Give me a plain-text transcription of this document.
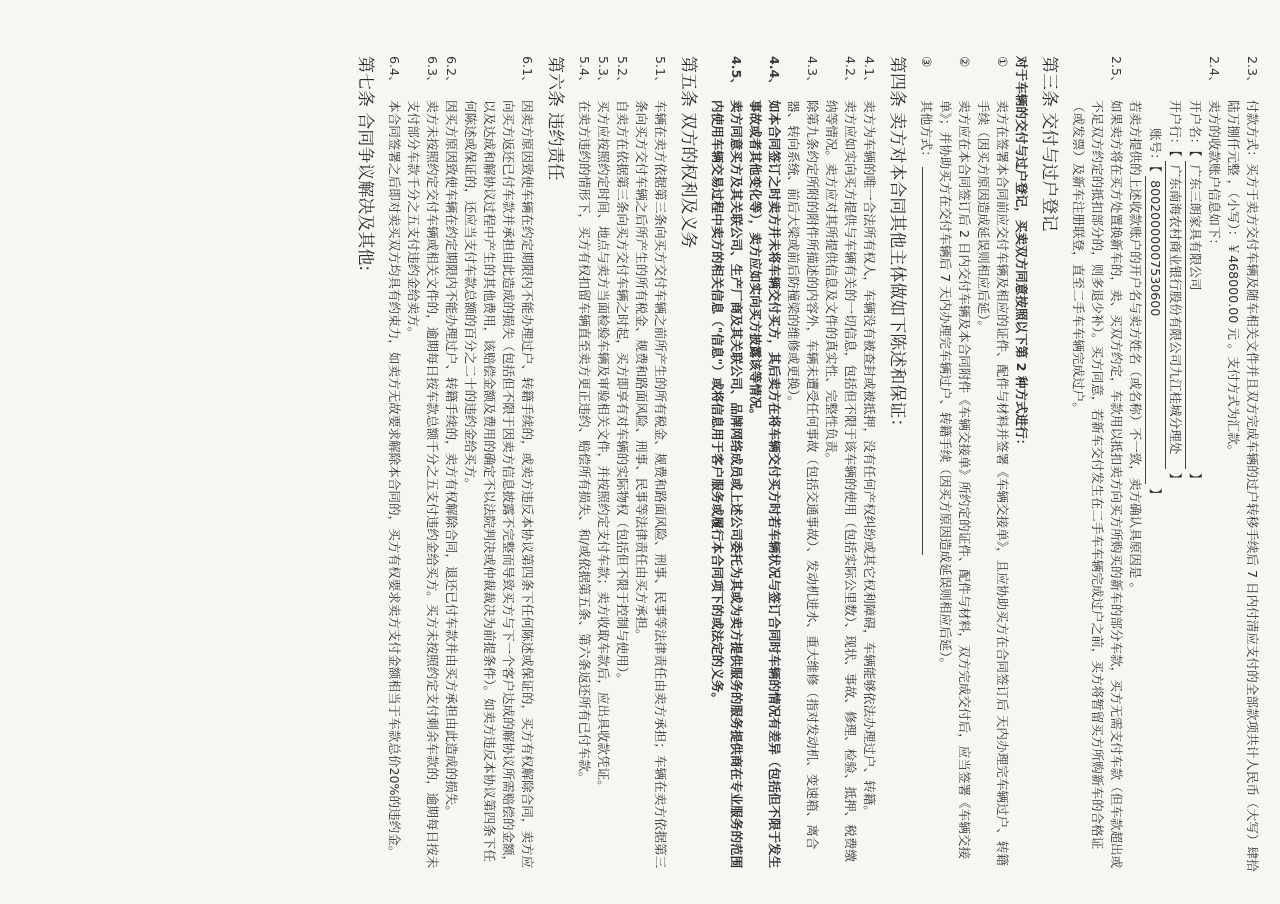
2.3、
付款方式：买方于卖方交付车辆及随车相关文件并且双方完成车辆的过户转移手续后 7 日内付清应支付的全部款项共计人民币（大写）肆拾陆万捌仟元整 ，（小写）：￥468000.00 元 。支付方式为汇款。

2.4、
卖方的收款账户信息如下：
开户名：【 广东三朗家具有限公司 】
开户行：【 广东南海农村商业银行股份有限公司九江桂城分理处 】
账号：【 80020000007530600 】
若卖方提供的上述收款账户的开户名与卖方姓名（或名称）不一致，卖方确认具原因是 。

2.5、
如果卖方将在买方处置换新车的，卖、买双方约定，车款用以抵扣卖方向买方所购买的新车的部分车款，买方无需支付车款（但车款超出或不足双方约定的抵扣部分的，则多退少补）。买方同意，若新车交付发生在二手车车辆完成过户之前，买方将暂留买方所购新车的合格证（或发票）及新车注册联登，直至二手车车辆完成过户。

第三条 交付与过户登记
对于车辆的交付与过户登记，买卖双方同意按照以下第 2 种方式进行：

①
卖方在签署本合同前应交付车辆及相应的证件、配件与材料并签署《车辆交接单》，且应协助买方在合同签订后 天内办理完车辆过户、转籍手续（因买方原因造成延误则相应后延）。

②
卖方应在本合同签订后 2 日内交付车辆及本合同附件《车辆交接单》所约定的证件、配件与材料，双方完成交付后，应当签署《车辆交接单》；并协助买方在交付车辆后 7 天内办理完车辆过户、转籍手续（因买方原因造成延误则相应后延）。

③
其他方式：

第四条 卖方对本合同其他主体做如下陈述和保证：

4.1、
卖方为车辆的唯一合法所有权人，车辆没有被查封或被抵押，没有任何产权纠纷或其它权利障碍，车辆能够依法办理过户、转籍。

4.2、
卖方应如实向买方提供与车辆有关的一切信息，包括但不限于该车辆的使用（包括实际公里数）、现状、事故、修理、检验、抵押、税费缴纳等情况。卖方应对其所提供信息及文件的真实性、完整性负责。

4.3、
除第九条约定所附的附件所描述的内容外，车辆未遭受任何事故（包括交通事故）、发动机进水、重大维修（指对发动机、变速箱、离合器、转向系统、前后大梁或前后防撞梁的维修或更换）。

4.4、
如本合同签订之时卖方并未将车辆交付买方，其后卖方在将车辆交付买方时若车辆状况与签订合同时车辆的情况有差异（包括但不限于发生事故或者其他变化等），卖方应如实向买方披露该等情况。

4.5、
卖方同意买方及其关联公司、生产厂商及其关联公司、品牌网络成员或上述公司委托为其或为卖方提供服务的服务提供商在专业服务的范围内使用车辆交易过程中卖方的相关信息（"信息"）或将信息用于客户服务或履行本合同项下的或法定的义务。

第五条 双方的权利及义务

5.1、
车辆在卖方依据第三条向买方交付车辆之前所产生的所有税金、规费和路面风险、刑事、民事等法律责任由卖方承担；车辆在卖方依据第三条向买方交付车辆之后所产生的所有税金、规费和路面风险、刑事、民事等法律责任由买方承担。

5.2、
自卖方在依据第三条向买方交付车辆之时起，买方即享有对车辆的实际物权（包括但不限于控制与使用）。

5.3、
买方应按照约定时间、地点与卖方当面检验车辆及审验相关文件，并按照约定支付车款；卖方收取车款后，应出具收款凭证。

5.4、
在卖方违约的情形下，买方有权扣留车辆直至卖方更正违约、赔偿所有损失、和/或依据第五条、第六条返还所有已付车款。

第六条 违约责任

6.1、
因卖方原因致使车辆在约定期限内不能办理过户、转籍手续的，或卖方违反本协议第四条下任何陈述或保证的，买方有权解除合同，卖方应向买方返还已付车款并承担由此造成的损失（包括但不限于因卖方信息披露不完整而导致买方与下一个客户达成的解协议所需赔偿的金额，以及达成和解协议过程中产生的其他费用，该赔偿金额及费用的确定不以法院判决或仲裁裁决为前提条件）。如卖方违反本协议第四条下任何陈述或保证的，还应当支付车款总额的百分之二十的违约金给买方。

6.2、
因买方原因致使车辆在约定期限内不能办理过户、转籍手续的，卖方有权解除合同，退还已付车款并由买方承担由此造成的损失。

6.3、
卖方未按照约定交付车辆或相关文件的，逾期每日按车款总额千分之五支付违约金给买方。买方未按照约定支付剩余车款的，逾期每日按未支付部分车款千分之五支付违约金给卖方。

6.4、
本合同签署之后即对卖买双方均具有约束力，如卖方无故要求解除本合同的，买方有权要求卖方支付金额相当于车款总价20%的违约金。

第七条 合同争议解决及其他:
